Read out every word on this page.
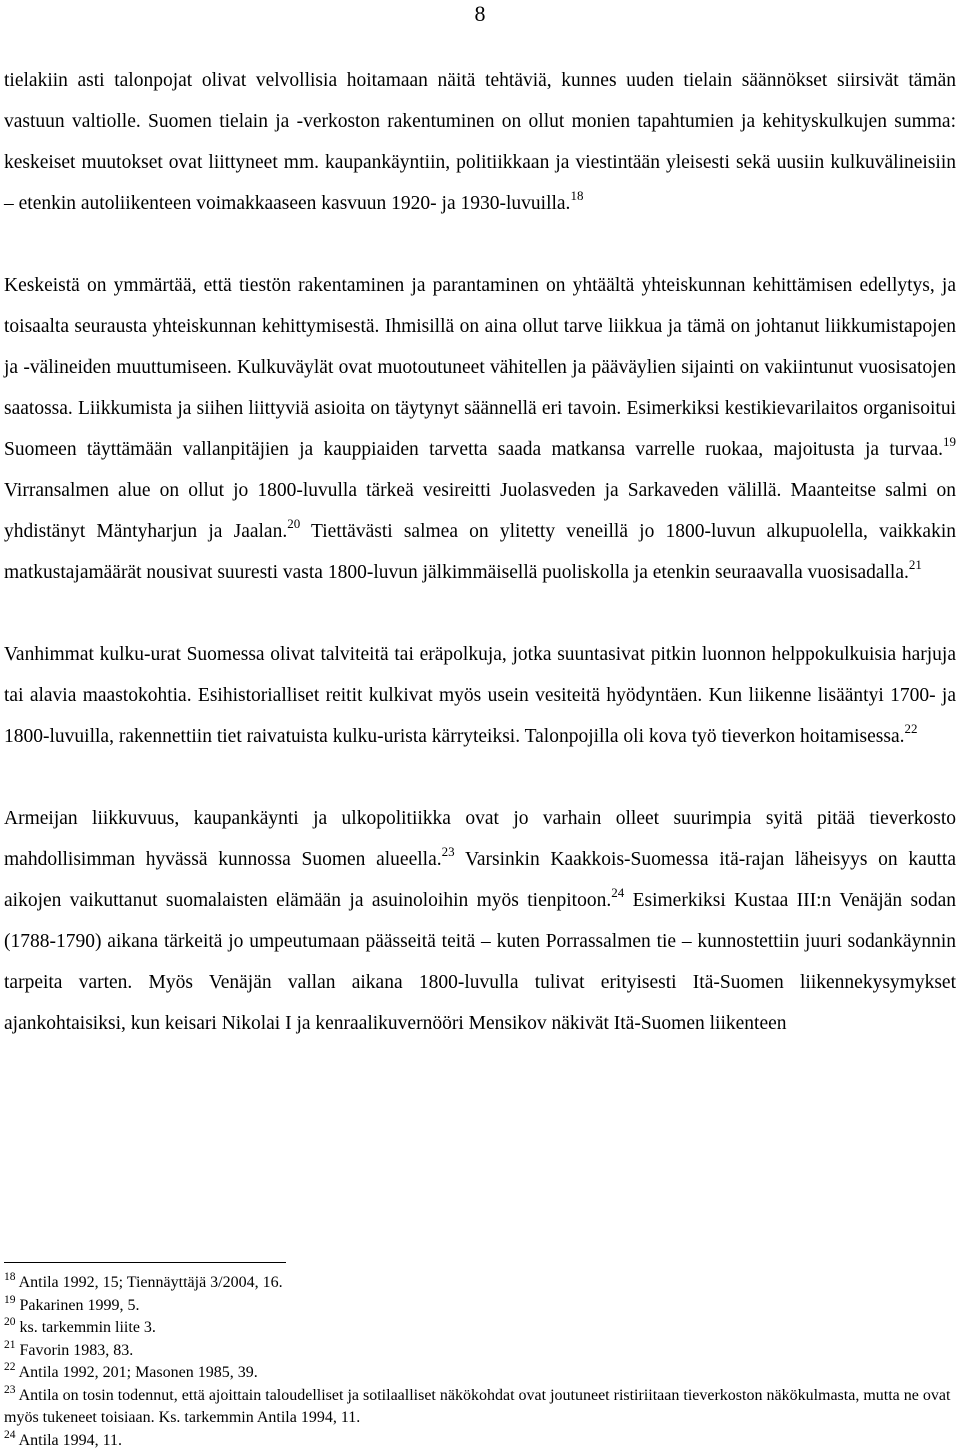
8

tielakiin asti talonpojat olivat velvollisia hoitamaan näitä tehtäviä, kunnes uuden tielain säännökset siirsivät tämän vastuun valtiolle. Suomen tielain ja -verkoston rakentuminen on ollut monien tapahtumien ja kehityskulkujen summa: keskeiset muutokset ovat liittyneet mm. kaupankäyntiin, politiikkaan ja viestintään yleisesti sekä uusiin kulkuvälineisiin – etenkin autoliikenteen voimakkaaseen kasvuun 1920- ja 1930-luvuilla.$^{18}$

Keskeistä on ymmärtää, että tiestön rakentaminen ja parantaminen on yhtäältä yhteiskunnan kehittämisen edellytys, ja toisaalta seurausta yhteiskunnan kehittymisestä. Ihmisillä on aina ollut tarve liikkua ja tämä on johtanut liikkumistapojen ja -välineiden muuttumiseen. Kulkuväylät ovat muotoutuneet vähitellen ja pääväylien sijainti on vakiintunut vuosisatojen saatossa. Liikkumista ja siihen liittyviä asioita on täytynyt säännellä eri tavoin. Esimerkiksi kestikievarilaitos organisoitui Suomeen täyttämään vallanpitäjien ja kauppiaiden tarvetta saada matkansa varrelle ruokaa, majoitusta ja turvaa.$^{19}$ Virransalmen alue on ollut jo 1800-luvulla tärkeä vesireitti Juolasveden ja Sarkaveden välillä. Maanteitse salmi on yhdistänyt Mäntyharjun ja Jaalan.$^{20}$ Tiettävästi salmea on ylitetty veneillä jo 1800-luvun alkupuolella, vaikkakin matkustajamäärät nousivat suuresti vasta 1800-luvun jälkimmäisellä puoliskolla ja etenkin seuraavalla vuosisadalla.$^{21}$

Vanhimmat kulku-urat Suomessa olivat talviteitä tai eräpolkuja, jotka suuntasivat pitkin luonnon helppokulkuisia harjuja tai alavia maastokohtia. Esihistorialliset reitit kulkivat myös usein vesiteitä hyödyntäen. Kun liikenne lisääntyi 1700- ja 1800-luvuilla, rakennettiin tiet raivatuista kulku-urista kärryteiksi. Talonpojilla oli kova työ tieverkon hoitamisessa.$^{22}$

Armeijan liikkuvuus, kaupankäynti ja ulkopolitiikka ovat jo varhain olleet suurimpia syitä pitää tieverkosto mahdollisimman hyvässä kunnossa Suomen alueella.$^{23}$ Varsinkin Kaakkois-Suomessa itä-rajan läheisyys on kautta aikojen vaikuttanut suomalaisten elämään ja asuinoloihin myös tienpitoon.$^{24}$ Esimerkiksi Kustaa III:n Venäjän sodan (1788-1790) aikana tärkeitä jo umpeutumaan päässeitä teitä – kuten Porrassalmen tie – kunnostettiin juuri sodankäynnin tarpeita varten. Myös Venäjän vallan aikana 1800-luvulla tulivat erityisesti Itä-Suomen liikennekysymykset ajankohtaisiksi, kun keisari Nikolai I ja kenraalikuvernööri Mensikov näkivät Itä-Suomen liikenteen

$^{18}$ Antila 1992, 15; Tiennäyttäjä 3/2004, 16.

$^{19}$ Pakarinen 1999, 5.

$^{20}$ ks. tarkemmin liite 3.

$^{21}$ Favorin 1983, 83.

$^{22}$ Antila 1992, 201; Masonen 1985, 39.

$^{23}$ Antila on tosin todennut, että ajoittain taloudelliset ja sotilaalliset näkökohdat ovat joutuneet ristiriitaan tieverkoston näkökulmasta, mutta ne ovat myös tukeneet toisiaan. Ks. tarkemmin Antila 1994, 11.

$^{24}$ Antila 1994, 11.
